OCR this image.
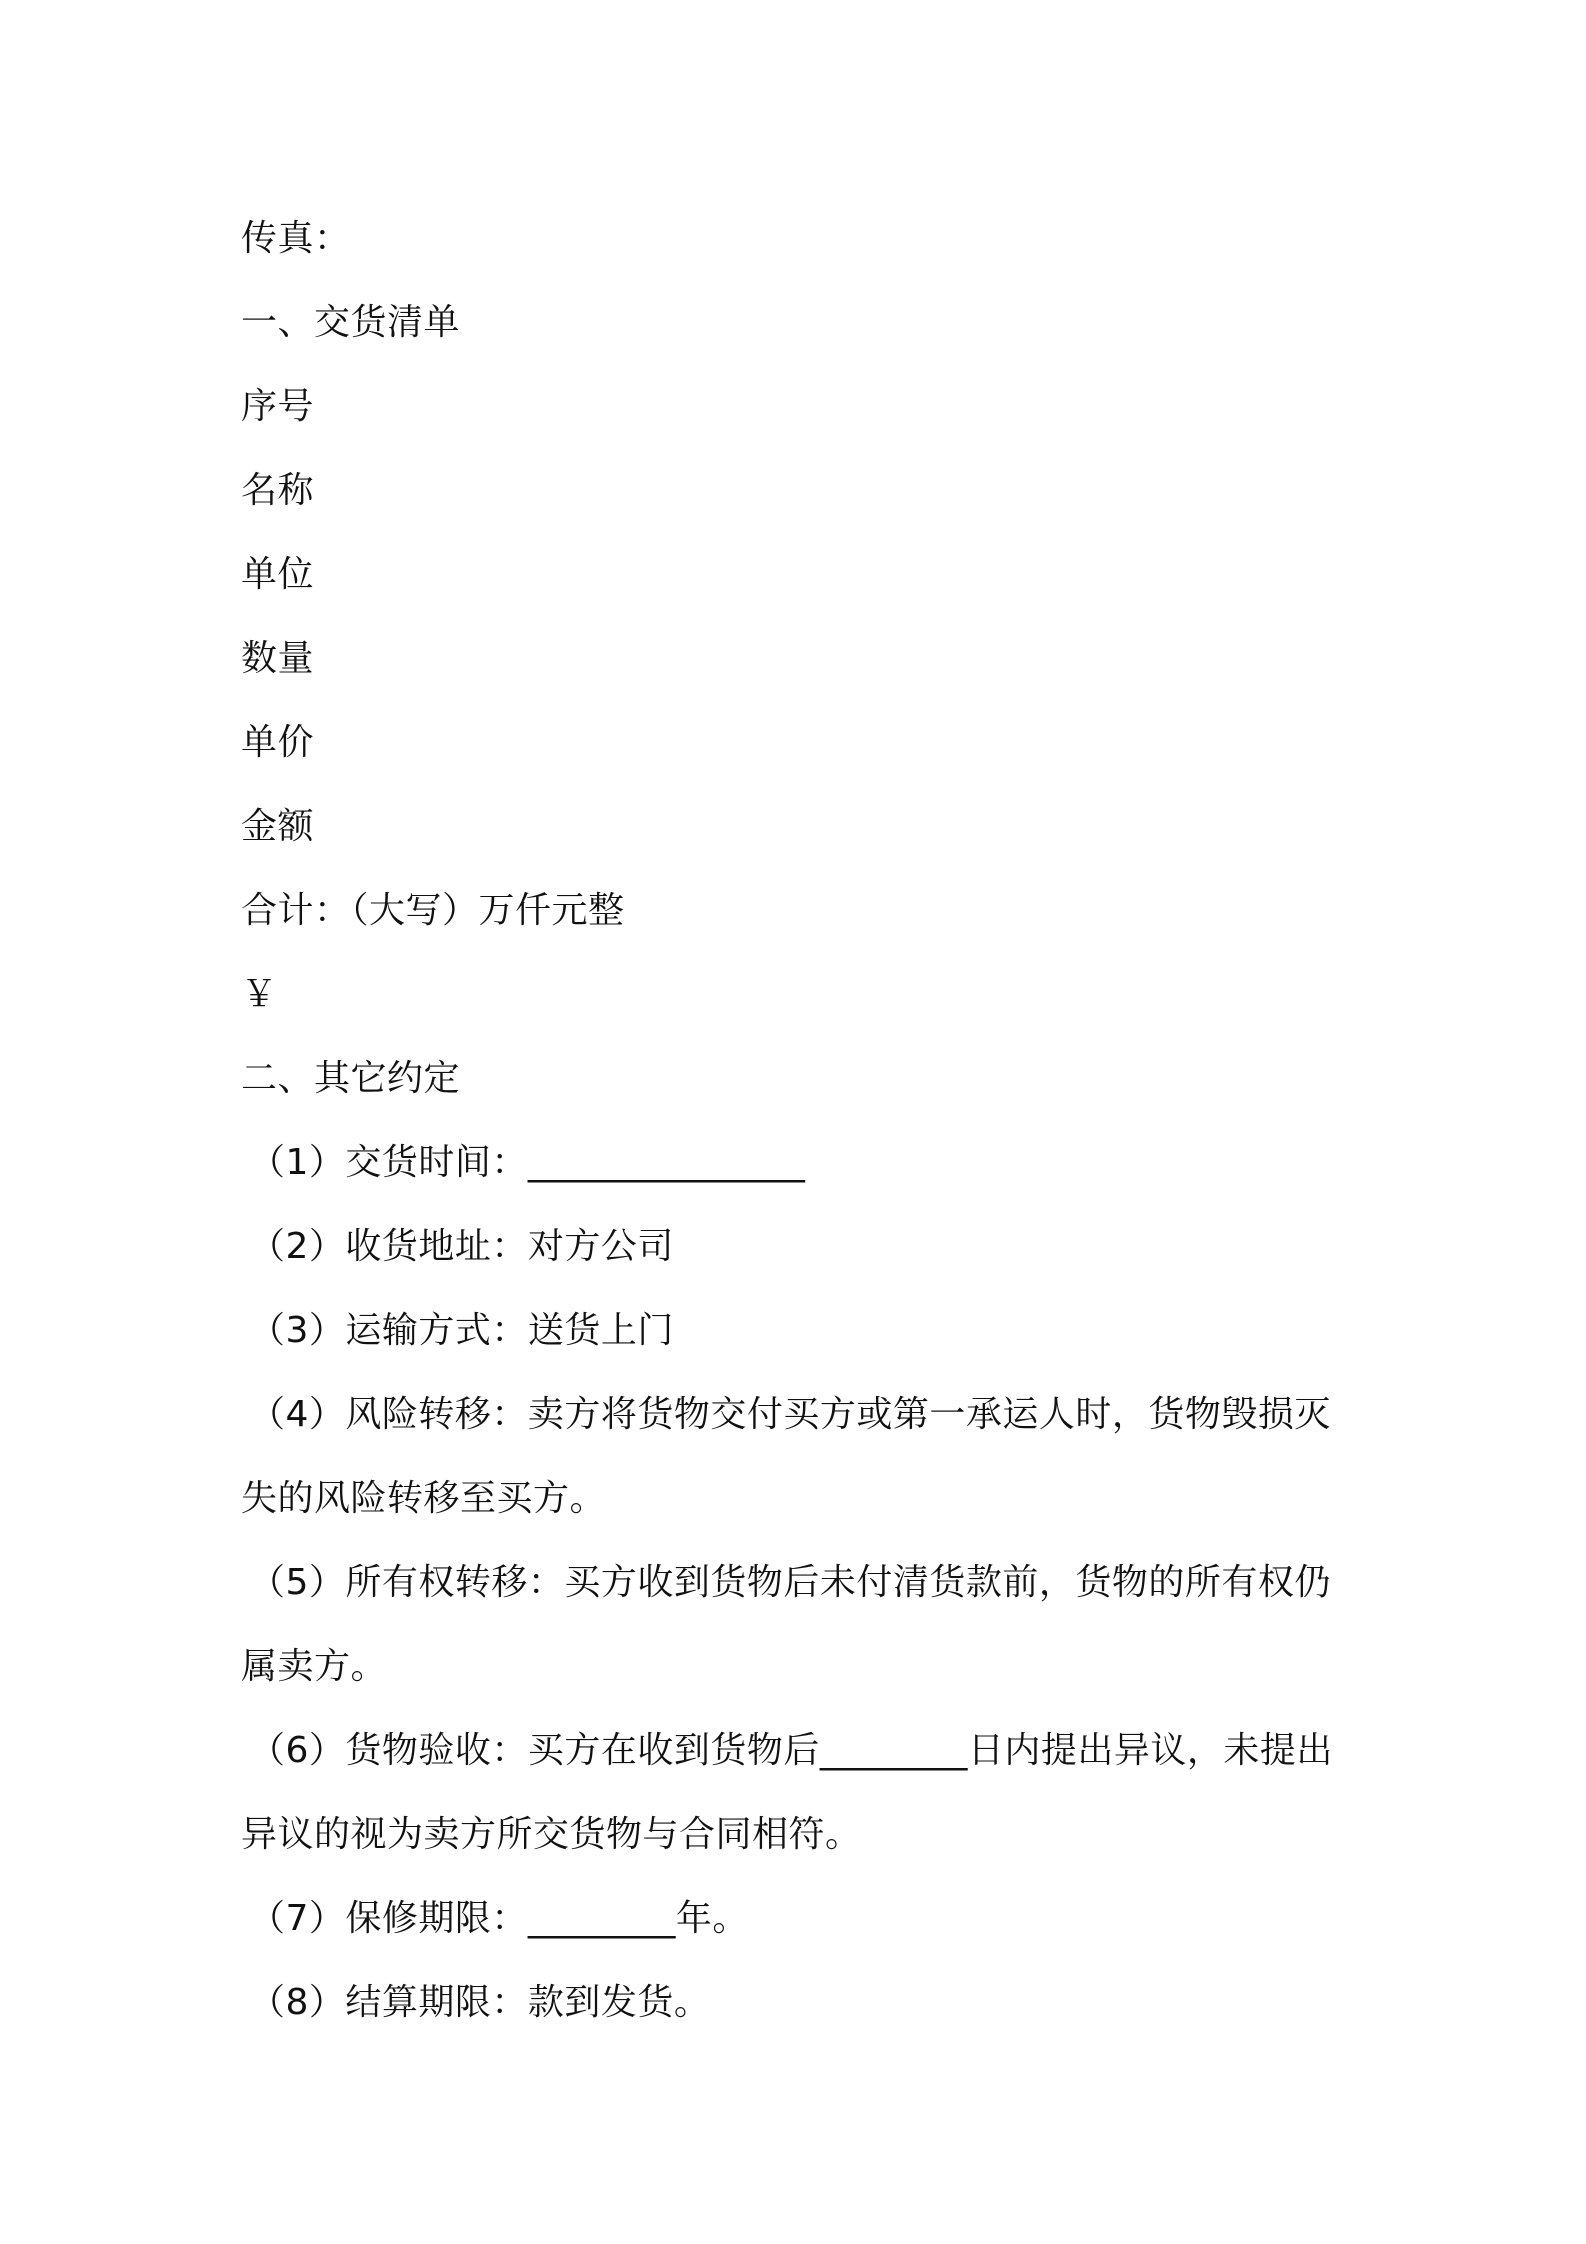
传真：
一、交货清单
序号
名称
单位
数量
单价
金额
合计：（大写）万仟元整
￥
二、其它约定
（1）交货时间：_______________
（2）收货地址：对方公司
（3）运输方式：送货上门
（4）风险转移：卖方将货物交付买方或第一承运人时，货物毁损灭
失的风险转移至买方。
（5）所有权转移：买方收到货物后未付清货款前，货物的所有权仍
属卖方。
（6）货物验收：买方在收到货物后________日内提出异议，未提出
异议的视为卖方所交货物与合同相符。
（7）保修期限：________年。
（8）结算期限：款到发货。
